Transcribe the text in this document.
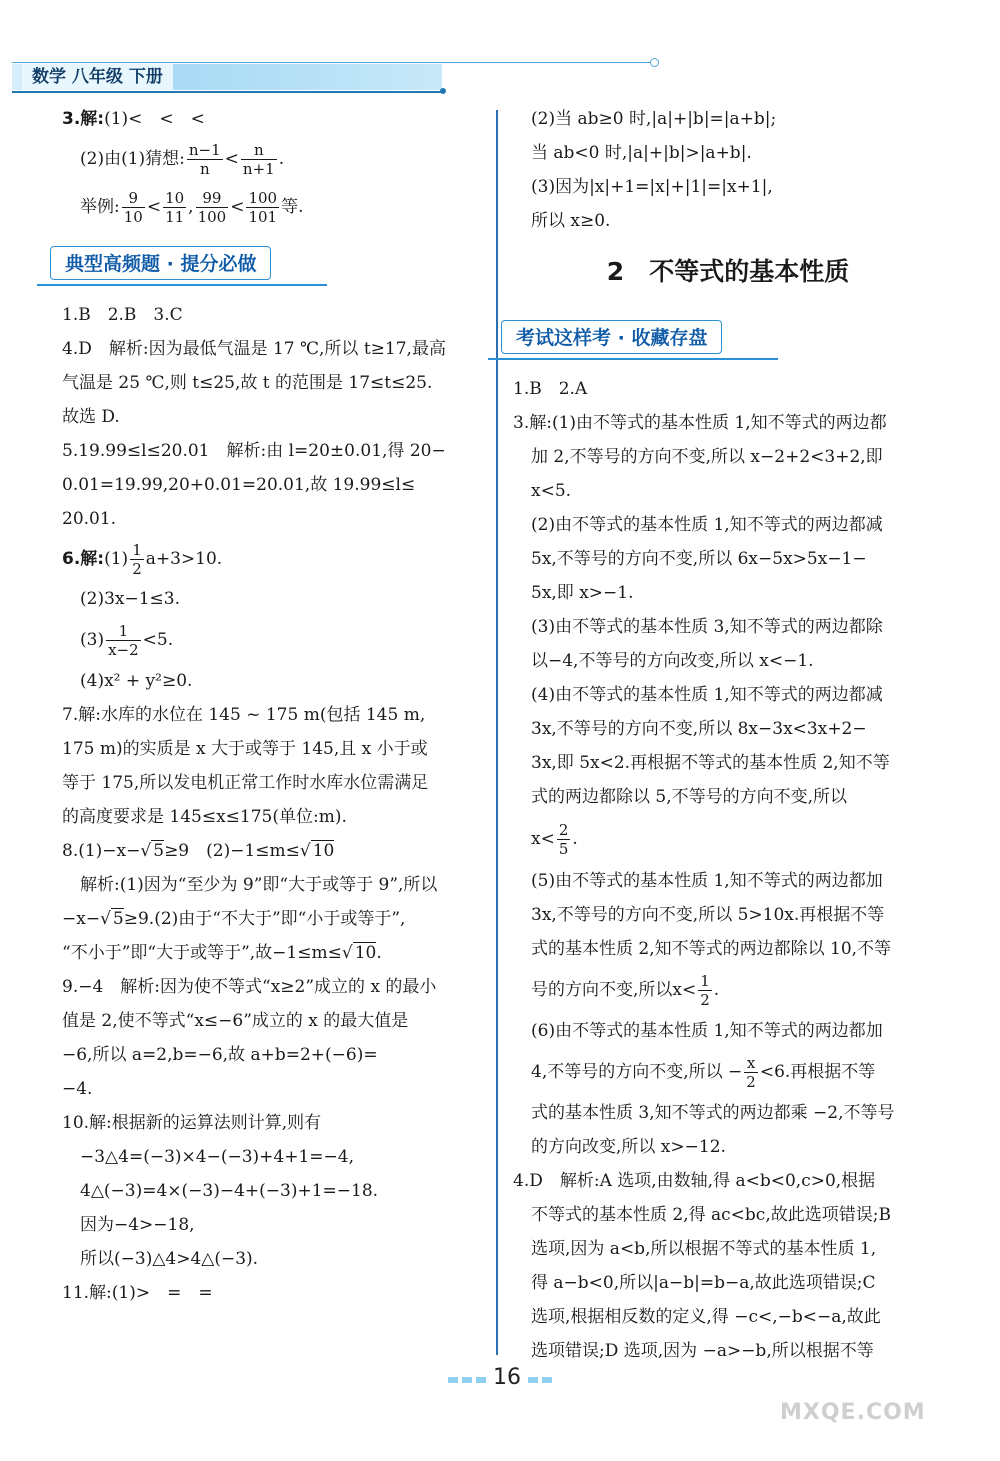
数学 八年级 下册
3.解:(1)<　<　<
(2)由(1)猜想: $\frac{n-1}{n} < \frac{n}{n+1}$ .
举例: $\frac{9}{10} < \frac{10}{11}$ , $\frac{99}{100} < \frac{100}{101}$ 等.
典型高频题 · 提分必做
1.B　2.B　3.C
4.D　解析:因为最低气温是 17 ℃,所以 t≥17,最高
气温是 25 ℃,则 t≤25,故 t 的范围是 17≤t≤25.
故选 D.
5.19.99≤l≤20.01　解析:由 l=20±0.01,得 20−
0.01=19.99,20+0.01=20.01,故 19.99≤l≤
20.01.
6.解:(1) $\frac{1}{2} a+3>10$.
(2)3x−1≤3.
$(3) \frac{1}{x-2} <5$.
(4)x² + y²≥0.
7.解:水库的水位在 145 ~ 175 m(包括 145 m,
175 m)的实质是 x 大于或等于 145,且 x 小于或
等于 175,所以发电机正常工作时水库水位需满足
的高度要求是 145≤x≤175(单位:m).
8.(1)−x−√ 5≥9　(2)−1≤m≤√ 10
解析:(1)因为“至少为 9”即“大于或等于 9”,所以
−x−√ 5≥9.(2)由于“不大于”即“小于或等于”,
“不小于”即“大于或等于”,故−1≤m≤√ 10.
9.−4　解析:因为使不等式“x≥2”成立的 x 的最小
值是 2,使不等式“x≤−6”成立的 x 的最大值是
−6,所以 a=2,b=−6,故 a+b=2+(−6)=
−4.
10.解:根据新的运算法则计算,则有
−3△4=(−3)×4−(−3)+4+1=−4,
4△(−3)=4×(−3)−4+(−3)+1=−18.
因为−4>−18,
所以(−3)△4>4△(−3).
11.解:(1)>　=　=
(2)当 ab≥0 时,|a|+|b|=|a+b|;
当 ab<0 时,|a|+|b|>|a+b|.
(3)因为|x|+1=|x|+|1|=|x+1|,
所以 x≥0.
2　不等式的基本性质
考试这样考 · 收藏存盘
1.B　2.A
3.解:(1)由不等式的基本性质 1,知不等式的两边都
加 2,不等号的方向不变,所以 x−2+2<3+2,即
x<5.
(2)由不等式的基本性质 1,知不等式的两边都减
5x,不等号的方向不变,所以 6x−5x>5x−1−
5x,即 x>−1.
(3)由不等式的基本性质 3,知不等式的两边都除
以−4,不等号的方向改变,所以 x<−1.
(4)由不等式的基本性质 1,知不等式的两边都减
3x,不等号的方向不变,所以 8x−3x<3x+2−
3x,即 5x<2.再根据不等式的基本性质 2,知不等
式的两边都除以 5,不等号的方向不变,所以
$x< \frac{2}{5}$ .
(5)由不等式的基本性质 1,知不等式的两边都加
3x,不等号的方向不变,所以 5>10x.再根据不等
式的基本性质 2,知不等式的两边都除以 10,不等
号的方向不变,所以$x< \frac{1}{2}$ .
(6)由不等式的基本性质 1,知不等式的两边都加
4,不等号的方向不变,所以 − $\frac{x}{2} <6$.再根据不等
式的基本性质 3,知不等式的两边都乘 −2,不等号
的方向改变,所以 x>−12.
4.D　解析:A 选项,由数轴,得 a<b<0,c>0,根据
不等式的基本性质 2,得 ac<bc,故此选项错误;B
选项,因为 a<b,所以根据不等式的基本性质 1,
得 a−b<0,所以|a−b|=b−a,故此选项错误;C
选项,根据相反数的定义,得 −c<,−b<−a,故此
选项错误;D 选项,因为 −a>−b,所以根据不等
16
MXQE.COM
